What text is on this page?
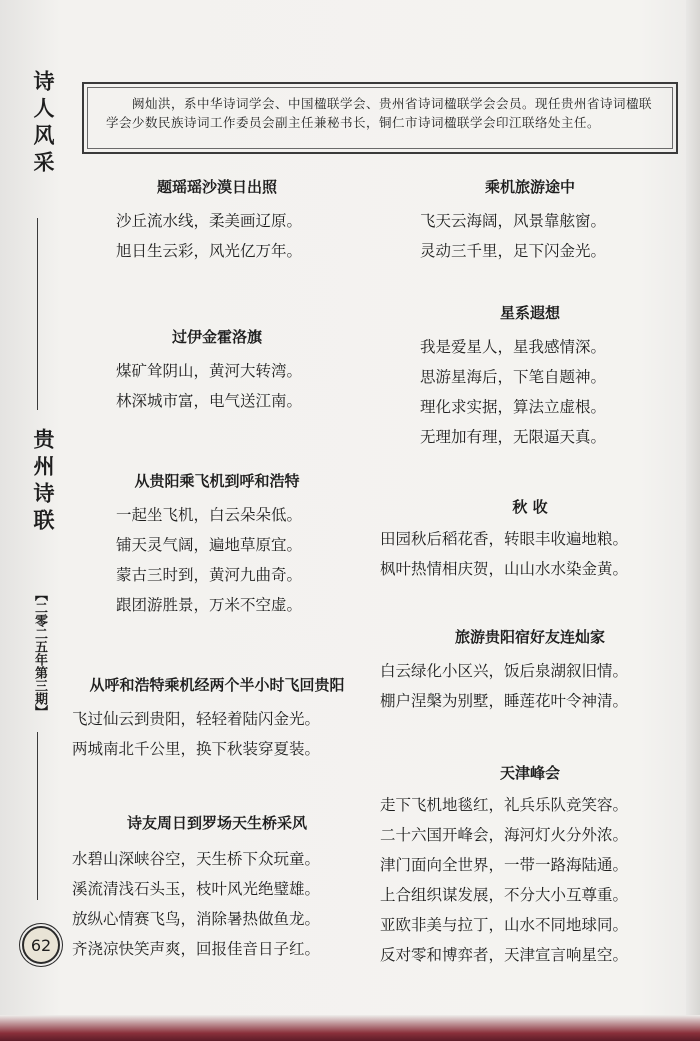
诗人风采
贵州诗联
【二零二五年第三期】
62
阙灿洪，系中华诗词学会、中国楹联学会、贵州省诗词楹联学会会员。现任贵州省诗词楹联学会少数民族诗词工作委员会副主任兼秘书长，铜仁市诗词楹联学会印江联络处主任。
题瑶瑶沙漠日出照
沙丘流水线，柔美画辽原。
旭日生云彩，风光亿万年。
过伊金霍洛旗
煤矿耸阴山，黄河大转湾。
林深城市富，电气送江南。
从贵阳乘飞机到呼和浩特
一起坐飞机，白云朵朵低。
铺天灵气阔，遍地草原宜。
蒙古三时到，黄河九曲奇。
跟团游胜景，万米不空虚。
从呼和浩特乘机经两个半小时飞回贵阳
飞过仙云到贵阳，轻轻着陆闪金光。
两城南北千公里，换下秋装穿夏装。
诗友周日到罗场天生桥采风
水碧山深峡谷空，天生桥下众玩童。
溪流清浅石头玉，枝叶风光绝璧雄。
放纵心情赛飞鸟，消除暑热做鱼龙。
齐浇凉快笑声爽，回报佳音日子红。
乘机旅游途中
飞天云海阔，风景靠舷窗。
灵动三千里，足下闪金光。
星系遐想
我是爱星人，星我感情深。
思游星海后，下笔自题神。
理化求实据，算法立虚根。
无理加有理，无限逼天真。
秋 收
田园秋后稻花香，转眼丰收遍地粮。
枫叶热情相庆贺，山山水水染金黄。
旅游贵阳宿好友连灿家
白云绿化小区兴，饭后泉湖叙旧情。
棚户涅槃为别墅，睡莲花叶令神清。
天津峰会
走下飞机地毯红，礼兵乐队竞笑容。
二十六国开峰会，海河灯火分外浓。
津门面向全世界，一带一路海陆通。
上合组织谋发展，不分大小互尊重。
亚欧非美与拉丁，山水不同地球同。
反对零和博弈者，天津宣言响星空。
